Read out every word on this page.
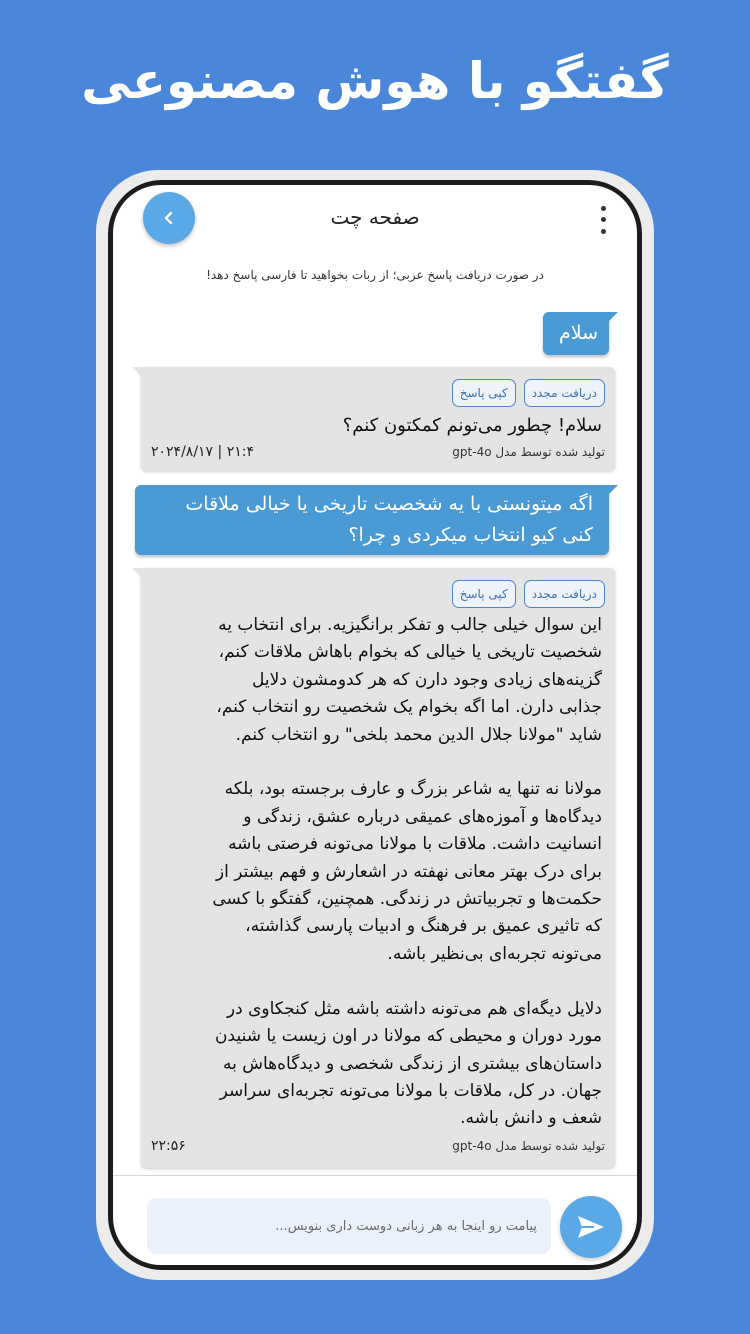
گفتگو با هوش مصنوعی
صفحه چت
در صورت دریافت پاسخ عربی؛ از ربات بخواهید تا فارسی پاسخ دهد!
سلام
دریافت مجدد
کپی پاسخ
سلام! چطور می‌تونم کمکتون کنم؟
۲۰۲۴/۸/۱۷ | ۲۱:۴	تولید شده توسط مدل gpt-4o
اگه میتونستی با یه شخصیت تاریخی یا خیالی ملاقات کنی کیو انتخاب میکردی و چرا؟
دریافت مجدد
کپی پاسخ
این سوال خیلی جالب و تفکر برانگیزیه. برای انتخاب یه
شخصیت تاریخی یا خیالی که بخوام باهاش ملاقات کنم،
گزینه‌های زیادی وجود دارن که هر کدومشون دلایل
جذابی دارن. اما اگه بخوام یک شخصیت رو انتخاب کنم،
شاید "مولانا جلال الدین محمد بلخی" رو انتخاب کنم.

مولانا نه تنها یه شاعر بزرگ و عارف برجسته بود، بلکه
دیدگاه‌ها و آموزه‌های عمیقی درباره عشق، زندگی و
انسانیت داشت. ملاقات با مولانا می‌تونه فرصتی باشه
برای درک بهتر معانی نهفته در اشعارش و فهم بیشتر از
حکمت‌ها و تجربیاتش در زندگی. همچنین، گفتگو با کسی
که تاثیری عمیق بر فرهنگ و ادبیات پارسی گذاشته،
می‌تونه تجربه‌ای بی‌نظیر باشه.

دلایل دیگه‌ای هم می‌تونه داشته باشه مثل کنجکاوی در
مورد دوران و محیطی که مولانا در اون زیست یا شنیدن
داستان‌های بیشتری از زندگی شخصی و دیدگاه‌هاش به
جهان. در کل، ملاقات با مولانا می‌تونه تجربه‌ای سراسر
شعف و دانش باشه.
۲۲:۵۶	تولید شده توسط مدل gpt-4o
پیامت رو اینجا به هر زبانی دوست داری بنویس...
